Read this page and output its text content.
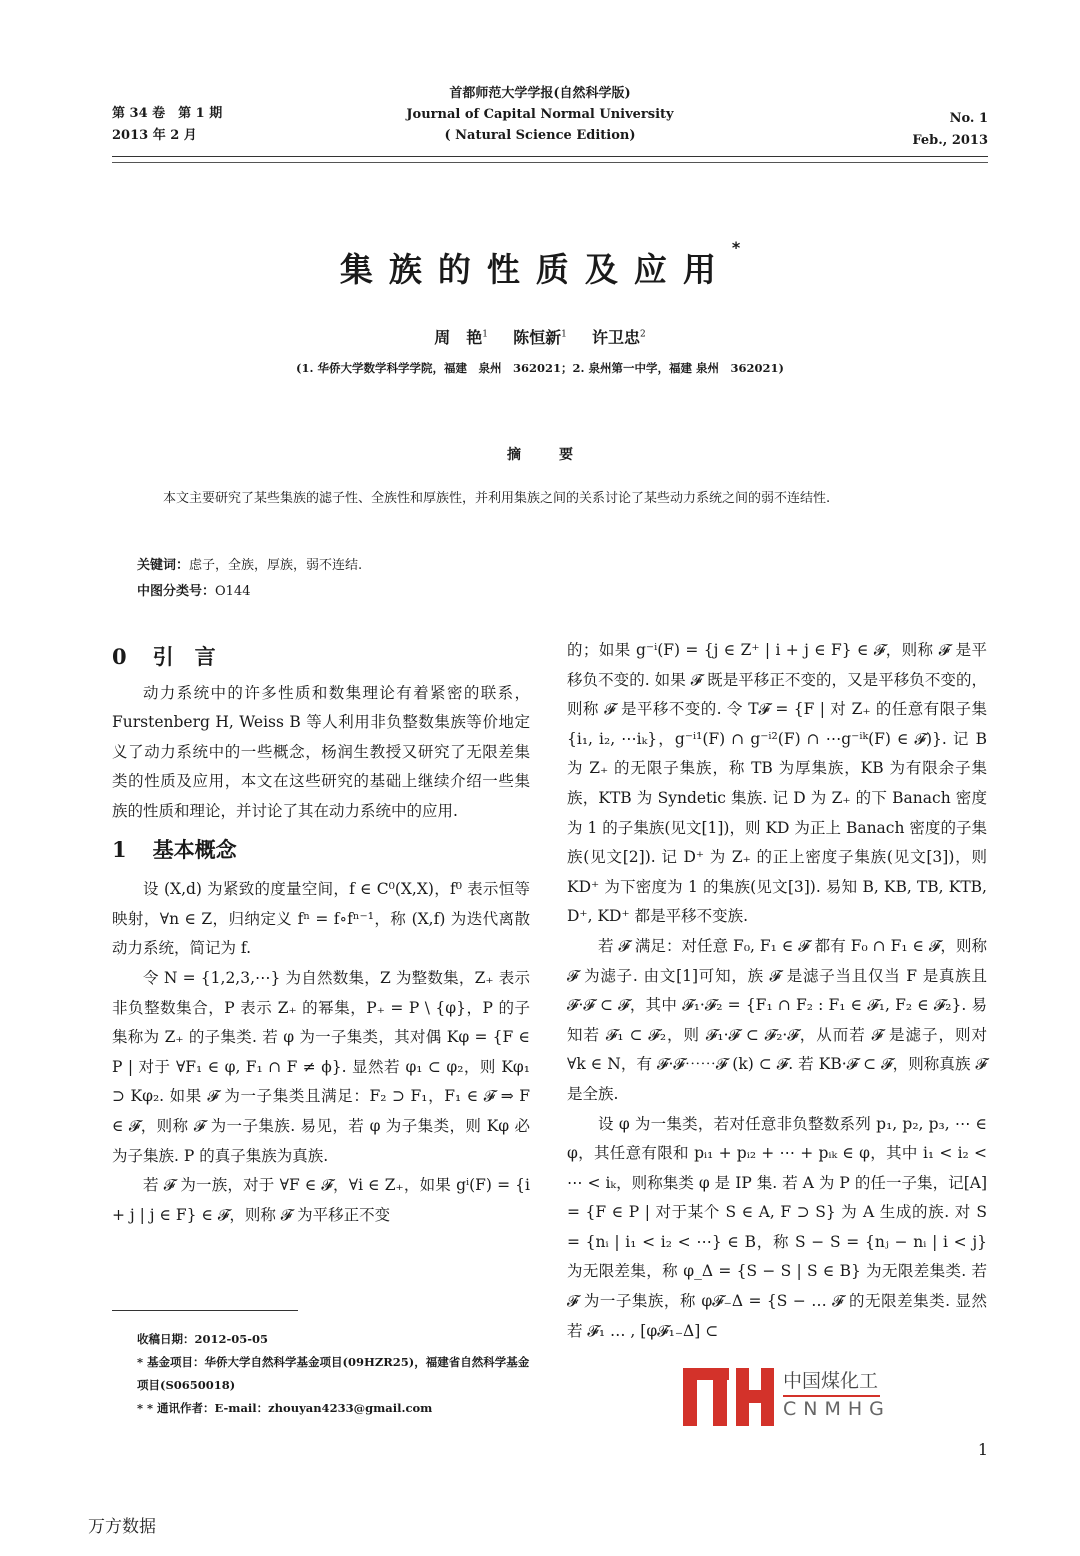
第 34 卷　第 1 期
2013 年 2 月
首都师范大学学报(自然科学版)
Journal of Capital Normal University
( Natural Science Edition)
No. 1
Feb., 2013
集族的性质及应用*
周　艳$^1$ 陈恒新$^1$ 许卫忠$^2$
(1. 华侨大学数学科学学院，福建　泉州　362021；2. 泉州第一中学，福建 泉州　362021)
摘要
本文主要研究了某些集族的滤子性、全族性和厚族性，并利用集族之间的关系讨论了某些动力系统之间的弱不连结性.
关键词：虑子，全族，厚族，弱不连结.
中图分类号：O144
0 引　言

动力系统中的许多性质和数集理论有着紧密的联系，Furstenberg H, Weiss B 等人利用非负整数集族等价地定义了动力系统中的一些概念，杨润生教授又研究了无限差集类的性质及应用，本文在这些研究的基础上继续介绍一些集族的性质和理论，并讨论了其在动力系统中的应用.

1 基本概念

设 (X,d) 为紧致的度量空间，f ∈ C⁰(X,X)，f⁰ 表示恒等映射，∀n ∈ Z，归纳定义 fⁿ = f∘fⁿ⁻¹，称 (X,f) 为迭代离散动力系统，简记为 f.

令 N = {1,2,3,⋯} 为自然数集，Z 为整数集，Z₊ 表示非负整数集合，P 表示 Z₊ 的幂集，P₊ = P \ {φ}，P 的子集称为 Z₊ 的子集类. 若 φ 为一子集类，其对偶 Kφ = {F ∈ P | 对于 ∀F₁ ∈ φ, F₁ ∩ F ≠ ϕ}. 显然若 φ₁ ⊂ φ₂，则 Kφ₁ ⊃ Kφ₂. 如果 𝓕 为一子集类且满足：F₂ ⊃ F₁，F₁ ∈ 𝓕 ⇒ F ∈ 𝓕，则称 𝓕 为一子集族. 易见，若 φ 为子集类，则 Kφ 必为子集族. P 的真子集族为真族.

若 𝓕 为一族，对于 ∀F ∈ 𝓕，∀i ∈ Z₊，如果 gⁱ(F) = {i + j | j ∈ F} ∈ 𝓕，则称 𝓕 为平移正不变

收稿日期：2012-05-05
* 基金项目：华侨大学自然科学基金项目(09HZR25)，福建省自然科学基金项目(S0650018)
* * 通讯作者：E-mail：zhouyan4233@gmail.com

的；如果 g⁻ⁱ(F) = {j ∈ Z⁺ | i + j ∈ F} ∈ 𝓕，则称 𝓕 是平移负不变的. 如果 𝓕 既是平移正不变的，又是平移负不变的，则称 𝓕 是平移不变的. 令 T𝓕 = {F | 对 Z₊ 的任意有限子集 {i₁, i₂, ⋯iₖ}，g⁻ⁱ¹(F) ∩ g⁻ⁱ²(F) ∩ ⋯g⁻ⁱᵏ(F) ∈ 𝓕)}. 记 B 为 Z₊ 的无限子集族，称 TB 为厚集族，KB 为有限余子集族，KTB 为 Syndetic 集族. 记 D 为 Z₊ 的下 Banach 密度为 1 的子集族(见文[1])，则 KD 为正上 Banach 密度的子集族(见文[2]). 记 D⁺ 为 Z₊ 的正上密度子集族(见文[3])，则 KD⁺ 为下密度为 1 的集族(见文[3]). 易知 B, KB, TB, KTB, D⁺, KD⁺ 都是平移不变族.

若 𝓕 满足：对任意 F₀, F₁ ∈ 𝓕 都有 F₀ ∩ F₁ ∈ 𝓕，则称 𝓕 为滤子. 由文[1]可知，族 𝓕 是滤子当且仅当 F 是真族且 𝓕·𝓕 ⊂ 𝓕，其中 𝓕₁·𝓕₂ = {F₁ ∩ F₂ : F₁ ∈ 𝓕₁, F₂ ∈ 𝓕₂}. 易知若 𝓕₁ ⊂ 𝓕₂，则 𝓕₁·𝓕 ⊂ 𝓕₂·𝓕，从而若 𝓕 是滤子，则对 ∀k ∈ N，有 𝓕·𝓕⋯⋯𝓕 (k) ⊂ 𝓕. 若 KB·𝓕 ⊂ 𝓕，则称真族 𝓕 是全族.

设 φ 为一集类，若对任意非负整数系列 p₁, p₂, p₃, ⋯ ∈ φ，其任意有限和 pᵢ₁ + pᵢ₂ + ⋯ + pᵢₖ ∈ φ，其中 i₁ < i₂ < ⋯ < iₖ，则称集类 φ 是 IP 集. 若 A 为 P 的任一子集，记[A] = {F ∈ P | 对于某个 S ∈ A, F ⊃ S} 为 A 生成的族. 对 S = {nᵢ | i₁ < i₂ < ⋯} ∈ B，称 S − S = {nⱼ − nᵢ | i < j} 为无限差集，称 φ_Δ = {S − S | S ∈ B} 为无限差集类. 若 𝓕 为一子集族，称 φ𝓕₋Δ = {S − … 𝓕 的无限差集类. 显然若 𝓕₁ … , [φ𝓕₁₋Δ] ⊂

中国煤化工
CNMHG
1
万方数据
